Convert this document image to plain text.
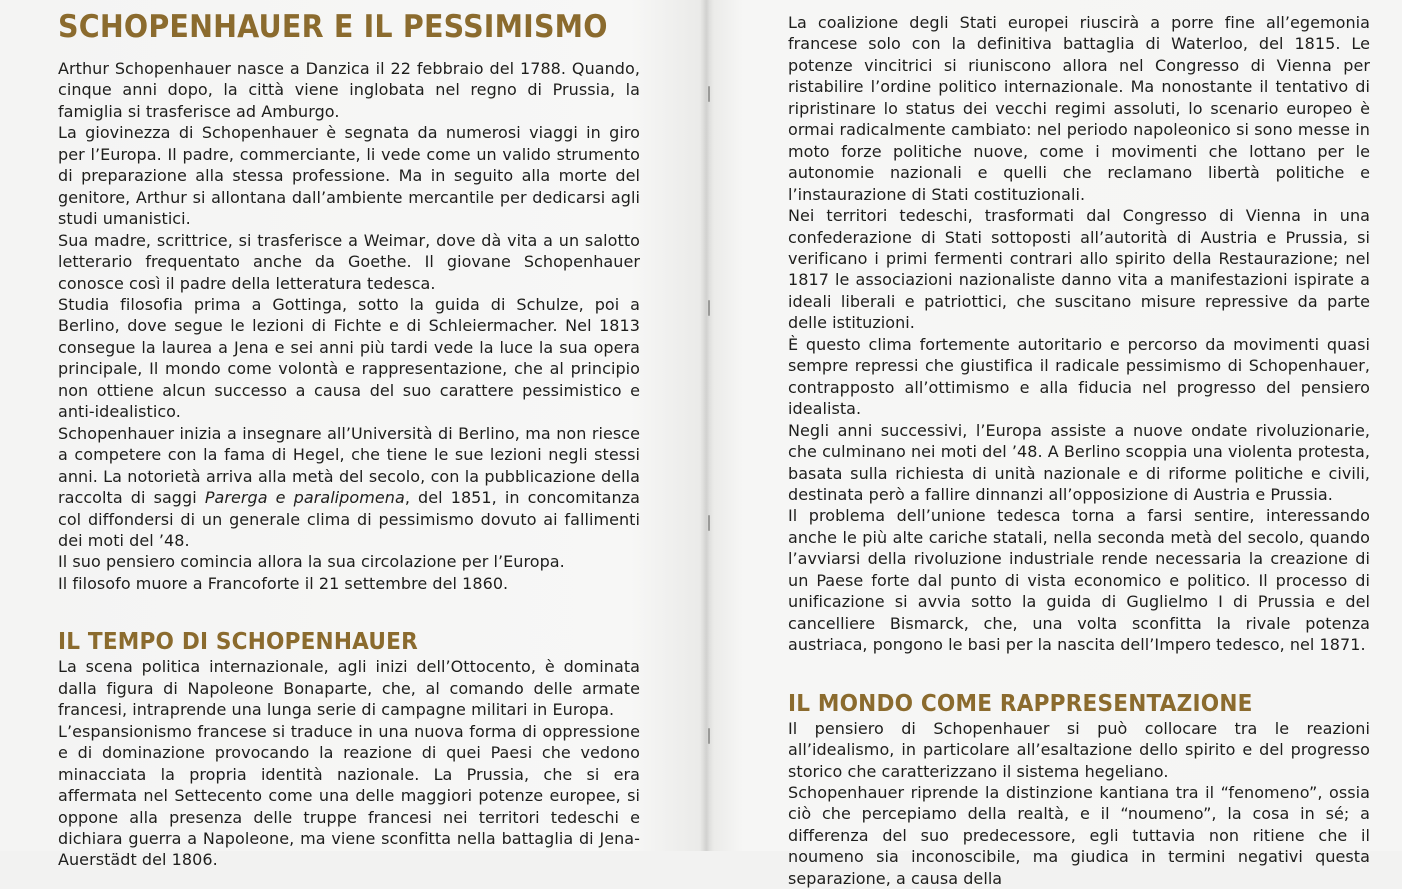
SCHOPENHAUER E IL PESSIMISMO

Arthur Schopenhauer nasce a Danzica il 22 febbraio del 1788. Quando, cinque anni dopo, la città viene inglobata nel regno di Prussia, la famiglia si trasferisce ad Amburgo.

La giovinezza di Schopenhauer è segnata da numerosi viaggi in giro per l’Europa. Il padre, commerciante, li vede come un valido strumento di preparazione alla stessa professione. Ma in seguito alla morte del genitore, Arthur si allontana dall’ambiente mercantile per dedicarsi agli studi umanistici.

Sua madre, scrittrice, si trasferisce a Weimar, dove dà vita a un salotto letterario frequentato anche da Goethe. Il giovane Schopenhauer conosce così il padre della letteratura tedesca.

Studia filosofia prima a Gottinga, sotto la guida di Schulze, poi a Berlino, dove segue le lezioni di Fichte e di Schleiermacher. Nel 1813 consegue la laurea a Jena e sei anni più tardi vede la luce la sua opera principale, Il mondo come volontà e rappresentazione, che al principio non ottiene alcun successo a causa del suo carattere pessimistico e anti-idealistico.

Schopenhauer inizia a insegnare all’Università di Berlino, ma non riesce a competere con la fama di Hegel, che tiene le sue lezioni negli stessi anni. La notorietà arriva alla metà del secolo, con la pubblicazione della raccolta di saggi Parerga e paralipomena, del 1851, in concomitanza col diffondersi di un generale clima di pessimismo dovuto ai fallimenti dei moti del ’48.

Il suo pensiero comincia allora la sua circolazione per l’Europa.

Il filosofo muore a Francoforte il 21 settembre del 1860.

IL TEMPO DI SCHOPENHAUER

La scena politica internazionale, agli inizi dell’Ottocento, è dominata dalla figura di Napoleone Bonaparte, che, al comando delle armate francesi, intraprende una lunga serie di campagne militari in Europa.

L’espansionismo francese si traduce in una nuova forma di oppressione e di dominazione provocando la reazione di quei Paesi che vedono minacciata la propria identità nazionale. La Prussia, che si era affermata nel Settecento come una delle maggiori potenze europee, si oppone alla presenza delle truppe francesi nei territori tedeschi e dichiara guerra a Napoleone, ma viene sconfitta nella battaglia di Jena-Auerstädt del 1806.

La coalizione degli Stati europei riuscirà a porre fine all’egemonia francese solo con la definitiva battaglia di Waterloo, del 1815. Le potenze vincitrici si riuniscono allora nel Congresso di Vienna per ristabilire l’ordine politico internazionale. Ma nonostante il tentativo di ripristinare lo status dei vecchi regimi assoluti, lo scenario europeo è ormai radicalmente cambiato: nel periodo napoleonico si sono messe in moto forze politiche nuove, come i movimenti che lottano per le autonomie nazionali e quelli che reclamano libertà politiche e l’instaurazione di Stati costituzionali.

Nei territori tedeschi, trasformati dal Congresso di Vienna in una confederazione di Stati sottoposti all’autorità di Austria e Prussia, si verificano i primi fermenti contrari allo spirito della Restaurazione; nel 1817 le associazioni nazionaliste danno vita a manifestazioni ispirate a ideali liberali e patriottici, che suscitano misure repressive da parte delle istituzioni.

È questo clima fortemente autoritario e percorso da movimenti quasi sempre repressi che giustifica il radicale pessimismo di Schopenhauer, contrapposto all’ottimismo e alla fiducia nel progresso del pensiero idealista.

Negli anni successivi, l’Europa assiste a nuove ondate rivoluzionarie, che culminano nei moti del ’48. A Berlino scoppia una violenta protesta, basata sulla richiesta di unità nazionale e di riforme politiche e civili, destinata però a fallire dinnanzi all’opposizione di Austria e Prussia.

Il problema dell’unione tedesca torna a farsi sentire, interessando anche le più alte cariche statali, nella seconda metà del secolo, quando l’avviarsi della rivoluzione industriale rende necessaria la creazione di un Paese forte dal punto di vista economico e politico. Il processo di unificazione si avvia sotto la guida di Guglielmo I di Prussia e del cancelliere Bismarck, che, una volta sconfitta la rivale potenza austriaca, pongono le basi per la nascita dell’Impero tedesco, nel 1871.

IL MONDO COME RAPPRESENTAZIONE

Il pensiero di Schopenhauer si può collocare tra le reazioni all’idealismo, in particolare all’esaltazione dello spirito e del progresso storico che caratterizzano il sistema hegeliano.

Schopenhauer riprende la distinzione kantiana tra il “fenomeno”, ossia ciò che percepiamo della realtà, e il “noumeno”, la cosa in sé; a differenza del suo predecessore, egli tuttavia non ritiene che il noumeno sia inconoscibile, ma giudica in termini negativi questa separazione, a causa della
